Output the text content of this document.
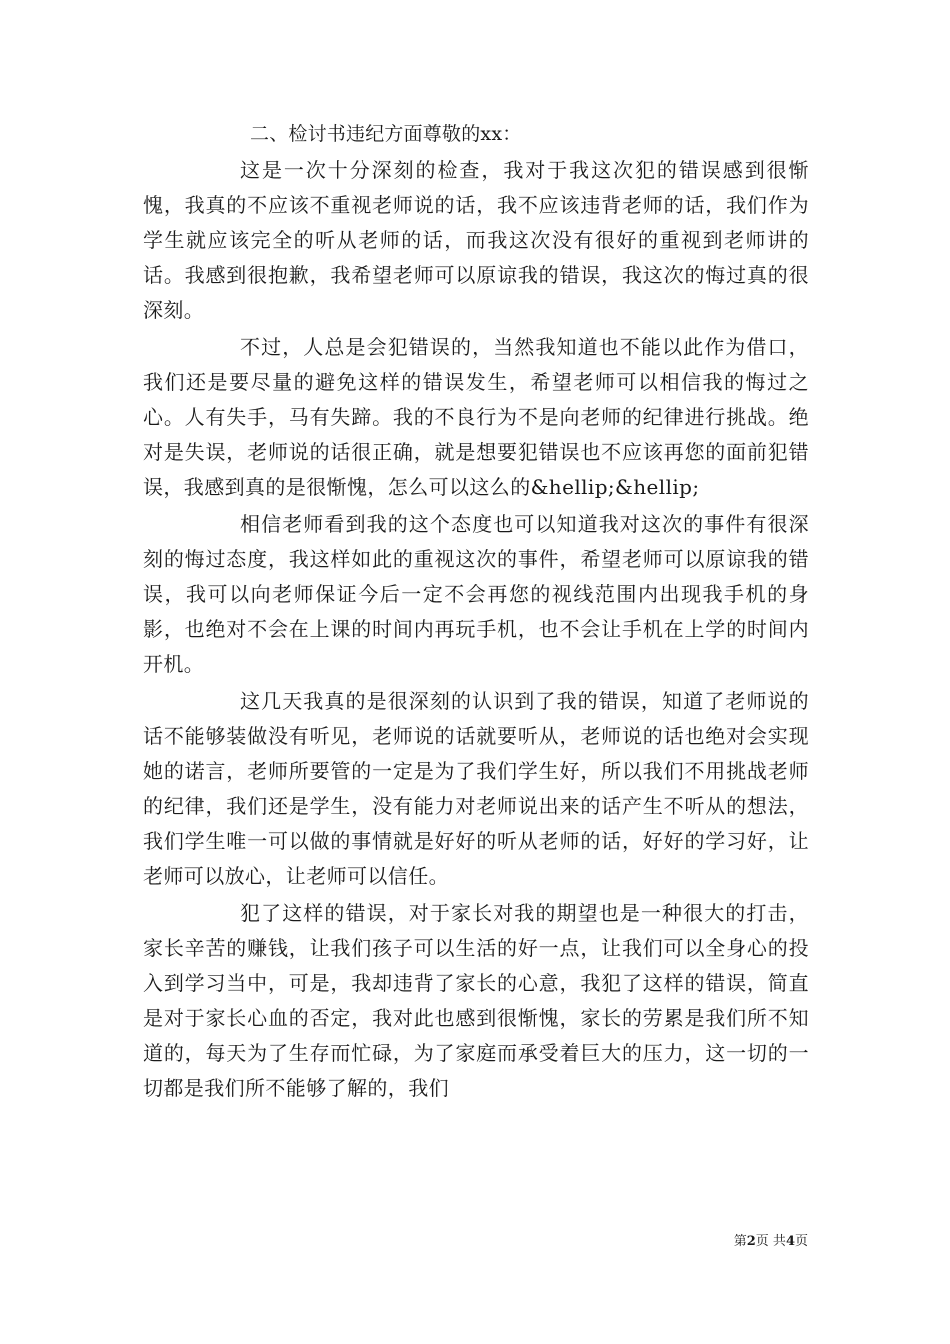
二、检讨书违纪方面尊敬的xx：

这是一次十分深刻的检查，我对于我这次犯的错误感到很惭愧，我真的不应该不重视老师说的话，我不应该违背老师的话，我们作为学生就应该完全的听从老师的话，而我这次没有很好的重视到老师讲的话。我感到很抱歉，我希望老师可以原谅我的错误，我这次的悔过真的很深刻。

不过，人总是会犯错误的，当然我知道也不能以此作为借口，我们还是要尽量的避免这样的错误发生，希望老师可以相信我的悔过之心。人有失手，马有失蹄。我的不良行为不是向老师的纪律进行挑战。绝对是失误，老师说的话很正确，就是想要犯错误也不应该再您的面前犯错误，我感到真的是很惭愧，怎么可以这么的&hellip;&hellip;

相信老师看到我的这个态度也可以知道我对这次的事件有很深刻的悔过态度，我这样如此的重视这次的事件，希望老师可以原谅我的错误，我可以向老师保证今后一定不会再您的视线范围内出现我手机的身影，也绝对不会在上课的时间内再玩手机，也不会让手机在上学的时间内开机。

这几天我真的是很深刻的认识到了我的错误，知道了老师说的话不能够装做没有听见，老师说的话就要听从，老师说的话也绝对会实现她的诺言，老师所要管的一定是为了我们学生好，所以我们不用挑战老师的纪律，我们还是学生，没有能力对老师说出来的话产生不听从的想法，我们学生唯一可以做的事情就是好好的听从老师的话，好好的学习好，让老师可以放心，让老师可以信任。

犯了这样的错误，对于家长对我的期望也是一种很大的打击，家长辛苦的赚钱，让我们孩子可以生活的好一点，让我们可以全身心的投入到学习当中，可是，我却违背了家长的心意，我犯了这样的错误，简直是对于家长心血的否定，我对此也感到很惭愧，家长的劳累是我们所不知道的，每天为了生存而忙碌，为了家庭而承受着巨大的压力，这一切的一切都是我们所不能够了解的，我们

第2页 共4页
